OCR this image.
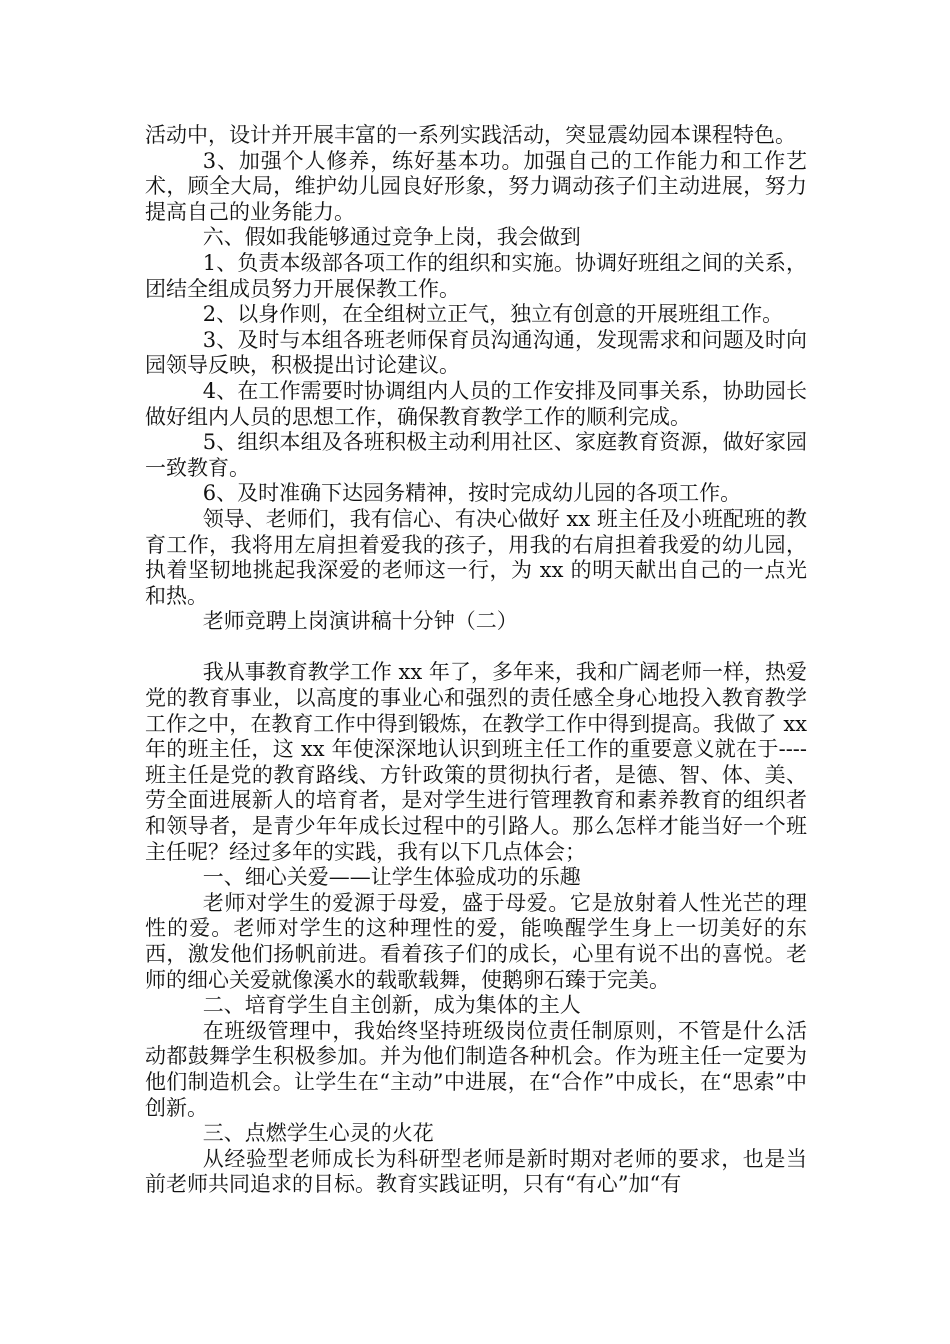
活动中，设计并开展丰富的一系列实践活动，突显震幼园本课程特色。

3、加强个人修养，练好基本功。加强自己的工作能力和工作艺术，顾全大局，维护幼儿园良好形象，努力调动孩子们主动进展，努力提高自己的业务能力。

六、假如我能够通过竞争上岗，我会做到

1、负责本级部各项工作的组织和实施。协调好班组之间的关系，团结全组成员努力开展保教工作。

2、以身作则，在全组树立正气，独立有创意的开展班组工作。

3、及时与本组各班老师保育员沟通沟通，发现需求和问题及时向园领导反映，积极提出讨论建议。

4、在工作需要时协调组内人员的工作安排及同事关系，协助园长做好组内人员的思想工作，确保教育教学工作的顺利完成。

5、组织本组及各班积极主动利用社区、家庭教育资源，做好家园一致教育。

6、及时准确下达园务精神，按时完成幼儿园的各项工作。

领导、老师们，我有信心、有决心做好 xx 班主任及小班配班的教育工作，我将用左肩担着爱我的孩子，用我的右肩担着我爱的幼儿园，执着坚韧地挑起我深爱的老师这一行，为 xx 的明天献出自己的一点光和热。

老师竞聘上岗演讲稿十分钟（二）

我从事教育教学工作 xx 年了，多年来，我和广阔老师一样，热爱党的教育事业，以高度的事业心和强烈的责任感全身心地投入教育教学工作之中，在教育工作中得到锻炼，在教学工作中得到提高。我做了 xx 年的班主任，这 xx 年使深深地认识到班主任工作的重要意义就在于----班主任是党的教育路线、方针政策的贯彻执行者，是德、智、体、美、劳全面进展新人的培育者，是对学生进行管理教育和素养教育的组织者和领导者，是青少年年成长过程中的引路人。那么怎样才能当好一个班主任呢？经过多年的实践，我有以下几点体会；

一、细心关爱——让学生体验成功的乐趣

老师对学生的爱源于母爱，盛于母爱。它是放射着人性光芒的理性的爱。老师对学生的这种理性的爱，能唤醒学生身上一切美好的东西，激发他们扬帆前进。看着孩子们的成长，心里有说不出的喜悦。老师的细心关爱就像溪水的载歌载舞，使鹅卵石臻于完美。

二、培育学生自主创新，成为集体的主人

在班级管理中，我始终坚持班级岗位责任制原则，不管是什么活动都鼓舞学生积极参加。并为他们制造各种机会。作为班主任一定要为他们制造机会。让学生在“主动”中进展，在“合作”中成长，在“思索”中创新。

三、点燃学生心灵的火花

从经验型老师成长为科研型老师是新时期对老师的要求，也是当前老师共同追求的目标。教育实践证明，只有“有心”加“有
